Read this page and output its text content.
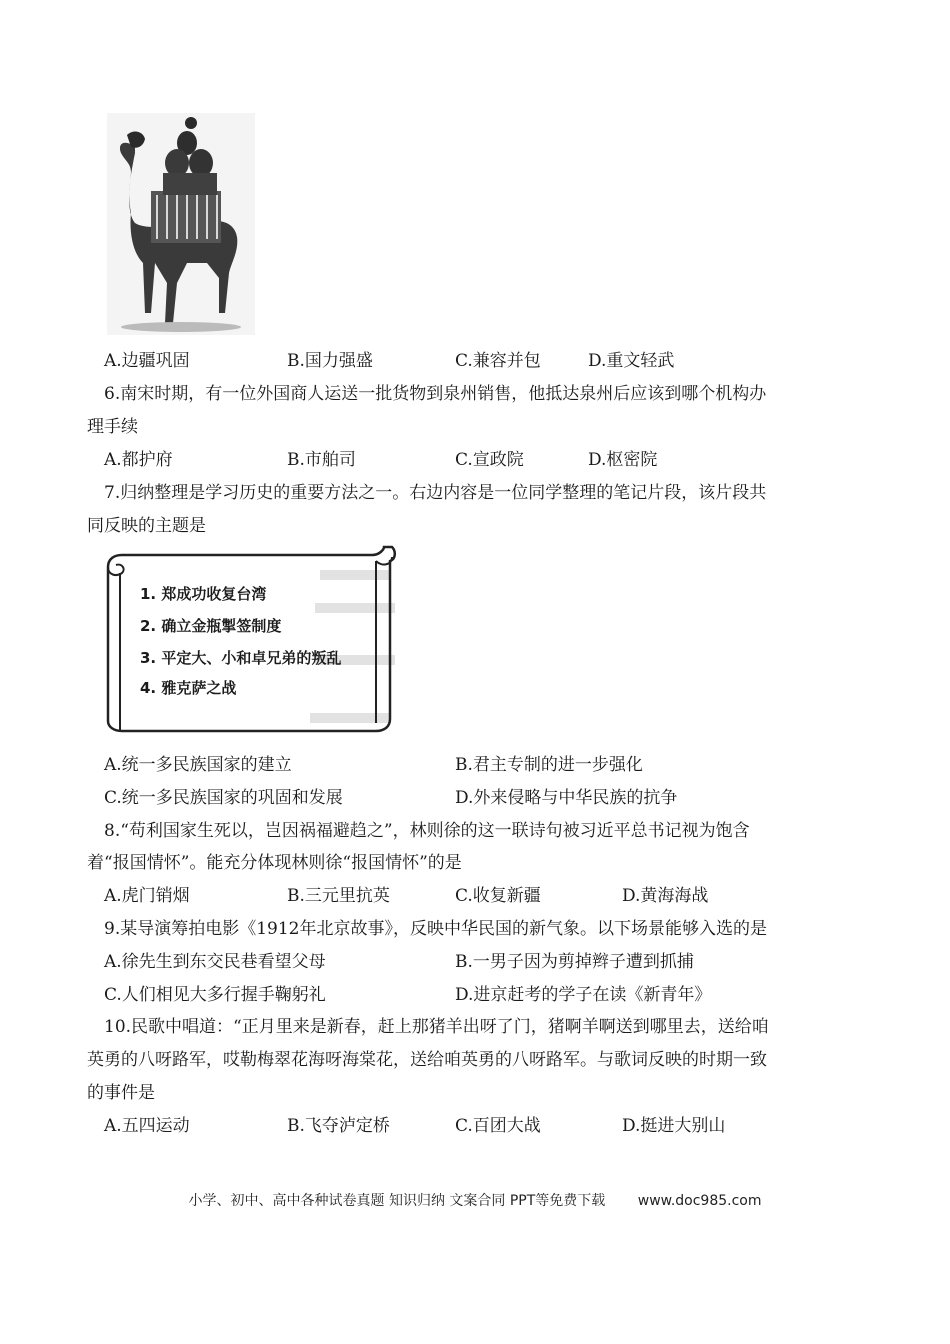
A.边疆巩固	B.国力强盛	C.兼容并包	D.重文轻武
6.南宋时期，有一位外国商人运送一批货物到泉州销售，他抵达泉州后应该到哪个机构办
理手续
A.都护府	B.市舶司	C.宣政院	D.枢密院
7.归纳整理是学习历史的重要方法之一。右边内容是一位同学整理的笔记片段，该片段共
同反映的主题是
1. 郑成功收复台湾
2. 确立金瓶掣签制度
3. 平定大、小和卓兄弟的叛乱
4. 雅克萨之战
A.统一多民族国家的建立	B.君主专制的进一步强化
C.统一多民族国家的巩固和发展	D.外来侵略与中华民族的抗争
8.“苟利国家生死以，岂因祸福避趋之”，林则徐的这一联诗句被习近平总书记视为饱含
着“报国情怀”。能充分体现林则徐“报国情怀”的是
A.虎门销烟	B.三元里抗英	C.收复新疆	D.黄海海战
9.某导演筹拍电影《1912年北京故事》，反映中华民国的新气象。以下场景能够入选的是
A.徐先生到东交民巷看望父母	B.一男子因为剪掉辫子遭到抓捕
C.人们相见大多行握手鞠躬礼	D.进京赶考的学子在读《新青年》
10.民歌中唱道：“正月里来是新春，赶上那猪羊出呀了门，猪啊羊啊送到哪里去，送给咱
英勇的八呀路军，哎勒梅翠花海呀海棠花，送给咱英勇的八呀路军。与歌词反映的时期一致
的事件是
A.五四运动	B.飞夺泸定桥	C.百团大战	D.挺进大别山
小学、初中、高中各种试卷真题 知识归纳 文案合同 PPT等免费下载 www.doc985.com
